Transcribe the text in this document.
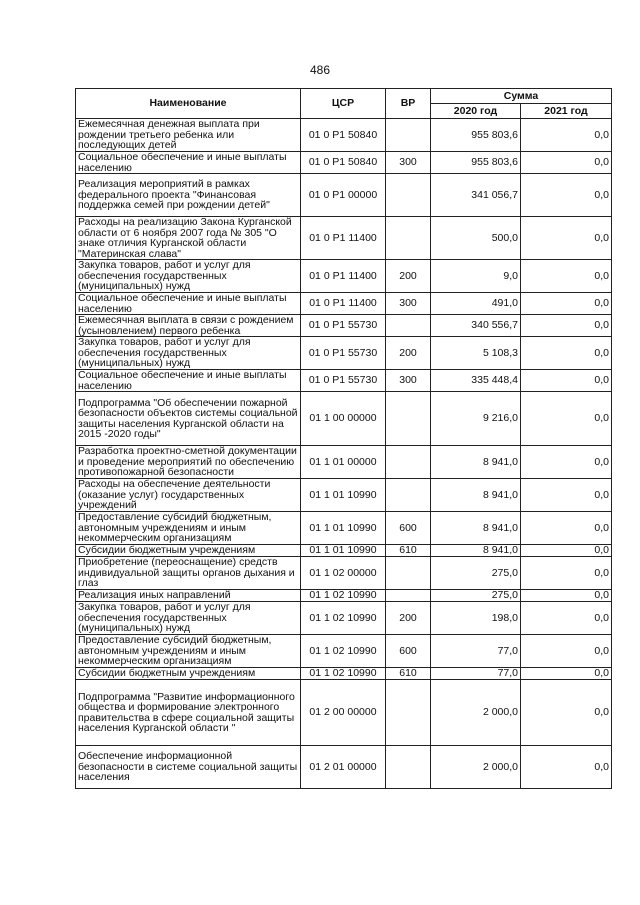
486
Наименование	ЦСР	ВР	Сумма	
			2020 год	2021 год
Ежемесячная денежная выплата при рождении третьего ребенка или последующих детей	01 0 P1 50840		955 803,6	0,0
Социальное обеспечение и иные выплаты населению	01 0 P1 50840	300	955 803,6	0,0
Реализация мероприятий в рамках федерального проекта "Финансовая поддержка семей при рождении детей"	01 0 P1 00000		341 056,7	0,0
Расходы на реализацию Закона Курганской области от 6 ноября 2007 года № 305 "О знаке отличия Курганской области "Материнская слава"	01 0 P1 11400		500,0	0,0
Закупка товаров, работ и услуг для обеспечения государственных (муниципальных) нужд	01 0 P1 11400	200	9,0	0,0
Социальное обеспечение и иные выплаты населению	01 0 P1 11400	300	491,0	0,0
Ежемесячная выплата в связи с рождением (усыновлением) первого ребенка	01 0 P1 55730		340 556,7	0,0
Закупка товаров, работ и услуг для обеспечения государственных (муниципальных) нужд	01 0 P1 55730	200	5 108,3	0,0
Социальное обеспечение и иные выплаты населению	01 0 P1 55730	300	335 448,4	0,0
Подпрограмма "Об обеспечении пожарной безопасности объектов системы социальной защиты населения Курганской области на 2015 -2020 годы"	01 1 00 00000		9 216,0	0,0
Разработка проектно-сметной документации и проведение мероприятий по обеспечению противопожарной безопасности	01 1 01 00000		8 941,0	0,0
Расходы на обеспечение деятельности (оказание услуг) государственных учреждений	01 1 01 10990		8 941,0	0,0
Предоставление субсидий бюджетным, автономным учреждениям и иным некоммерческим организациям	01 1 01 10990	600	8 941,0	0,0
Субсидии бюджетным учреждениям	01 1 01 10990	610	8 941,0	0,0
Приобретение (переоснащение) средств индивидуальной защиты органов дыхания и глаз	01 1 02 00000		275,0	0,0
Реализация иных направлений	01 1 02 10990		275,0	0,0
Закупка товаров, работ и услуг для обеспечения государственных (муниципальных) нужд	01 1 02 10990	200	198,0	0,0
Предоставление субсидий бюджетным, автономным учреждениям и иным некоммерческим организациям	01 1 02 10990	600	77,0	0,0
Субсидии бюджетным учреждениям	01 1 02 10990	610	77,0	0,0
Подпрограмма "Развитие информационного общества и формирование электронного правительства в сфере социальной защиты населения Курганской области "	01 2 00 00000		2 000,0	0,0
Обеспечение информационной безопасности в системе социальной защиты населения	01 2 01 00000		2 000,0	0,0
